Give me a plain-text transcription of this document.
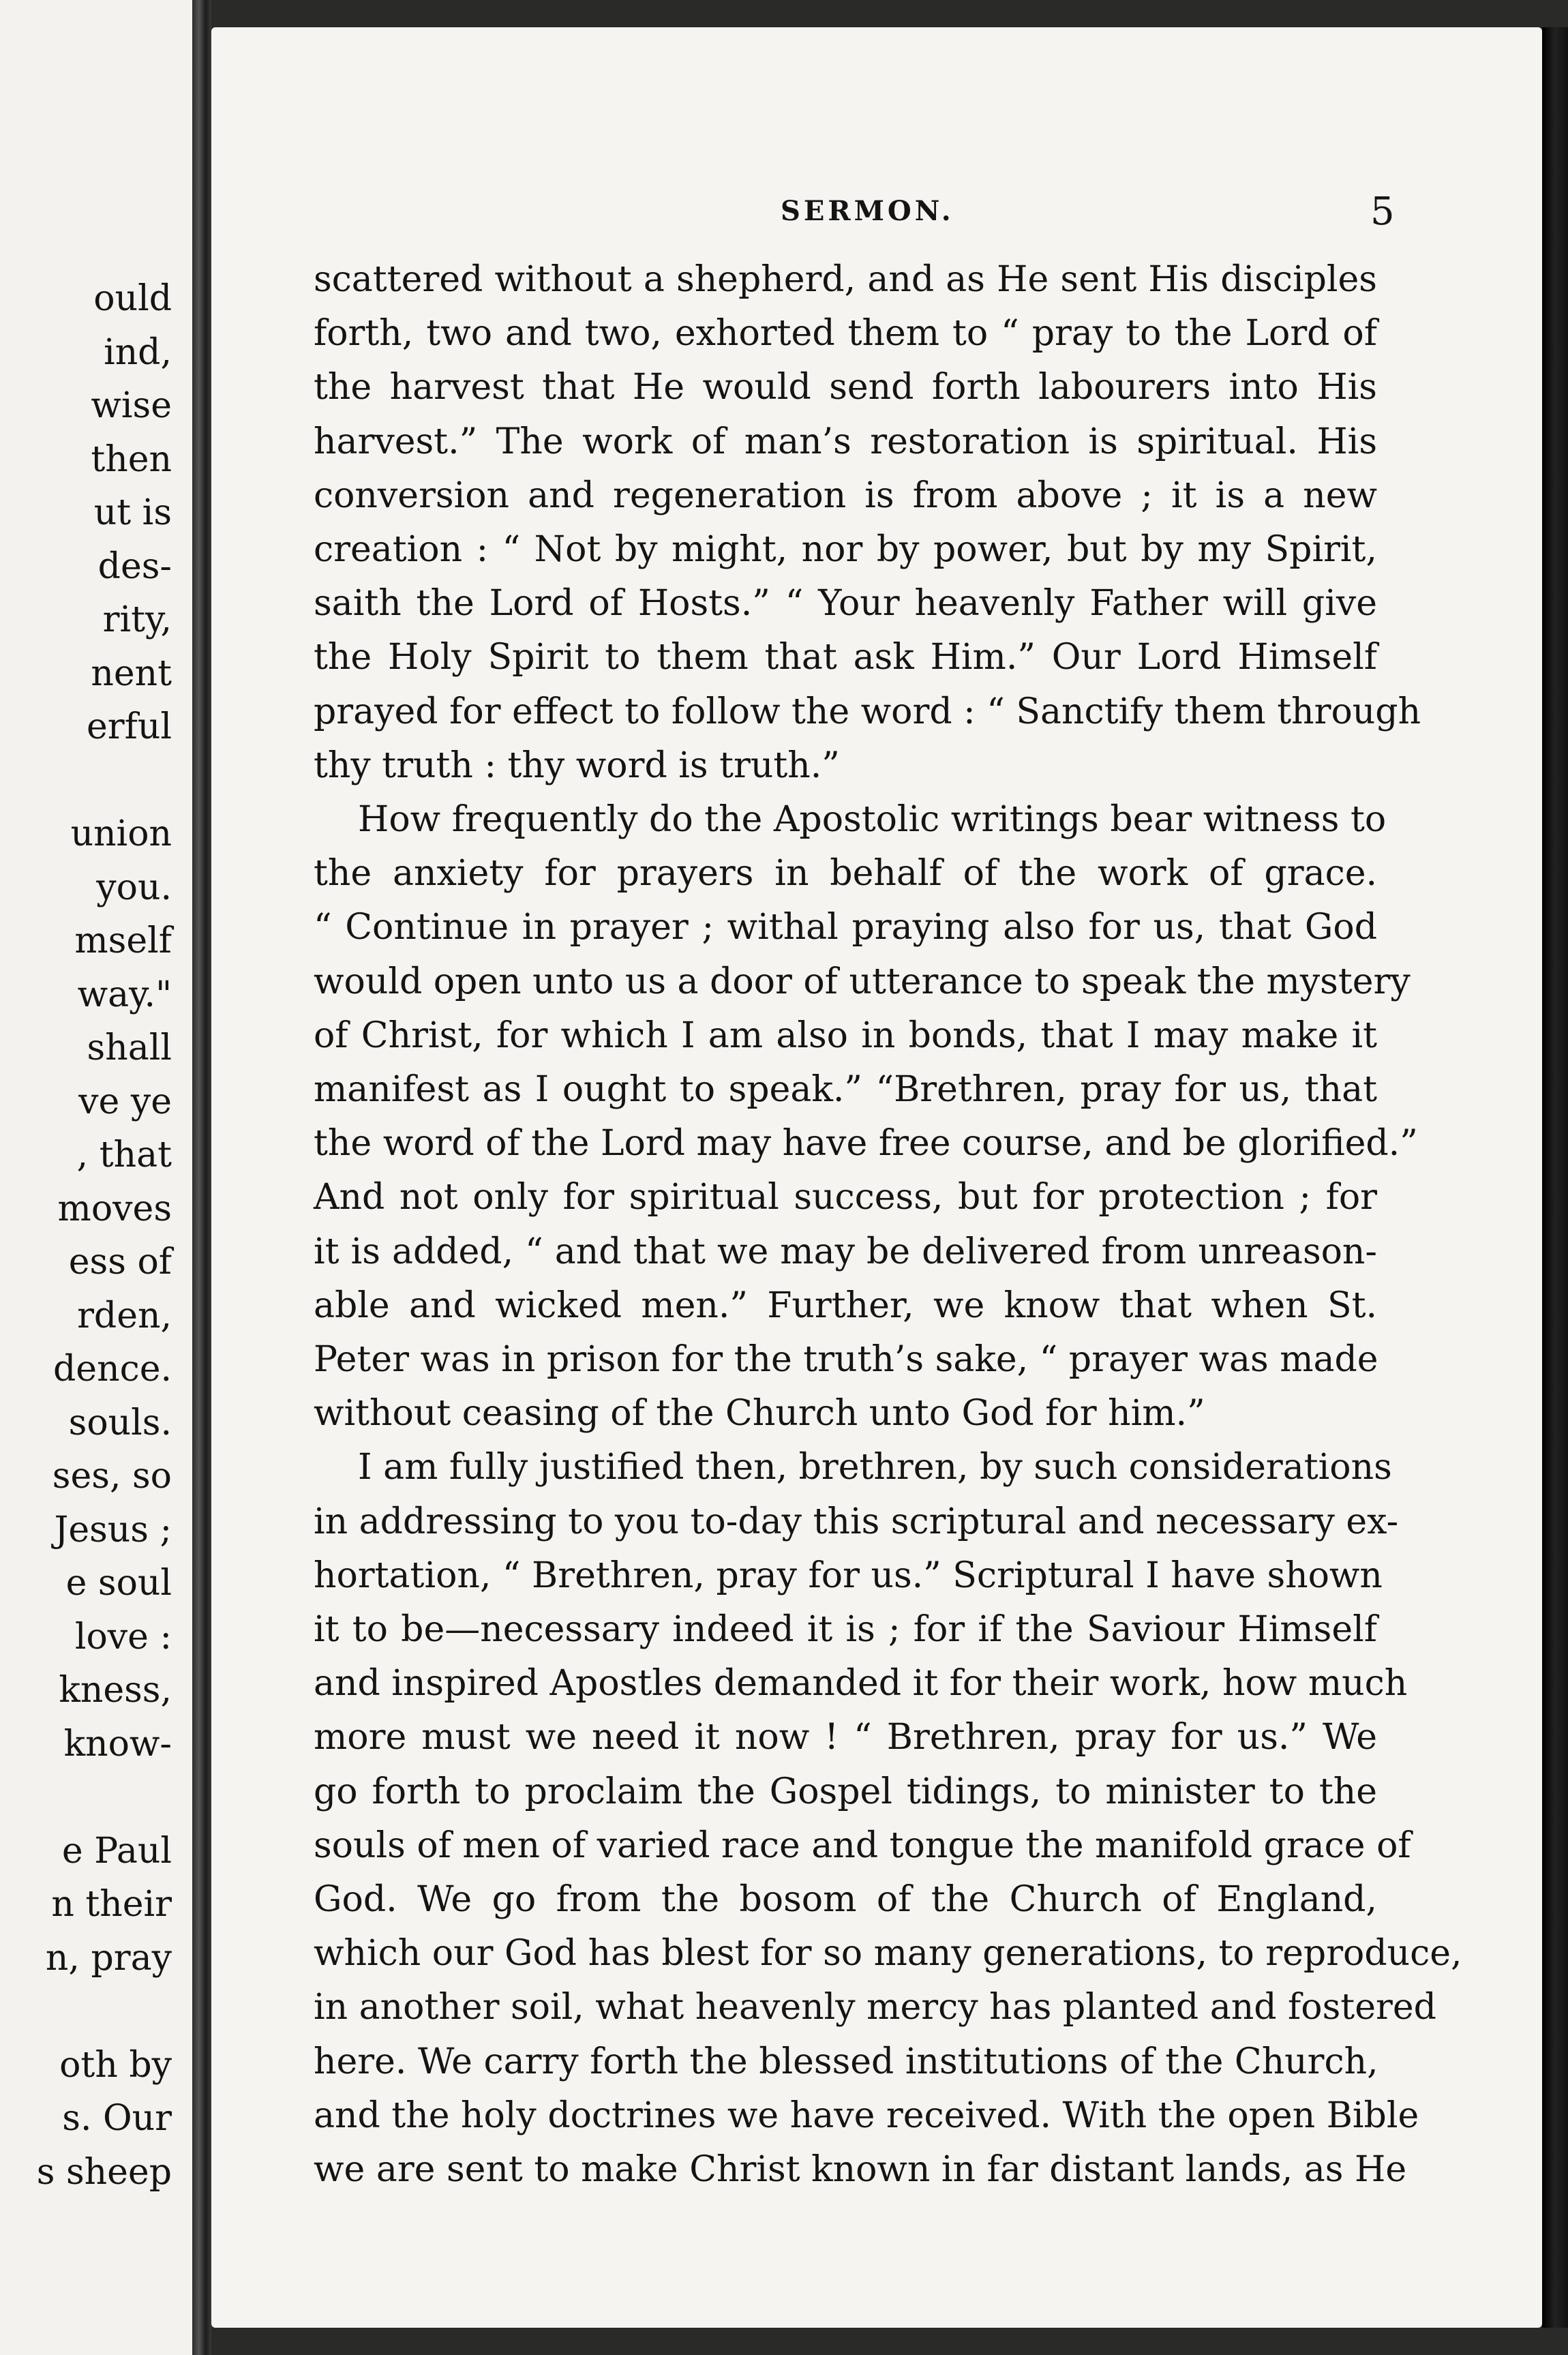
ould
ind,
wise
then
ut is
des-
rity,
nent
erful
union
you.
mself
way."
shall
ve ye
, that
moves
ess of
rden,
dence.
souls.
ses, so
Jesus ;
e soul
love :
kness,
know-
e Paul
n their
n, pray
oth by
s. Our
s sheep
SERMON.	5
scattered without a shepherd, and as He sent His disciples
forth, two and two, exhorted them to “ pray to the Lord of
the harvest that He would send forth labourers into His
harvest.” The work of man’s restoration is spiritual. His
conversion and regeneration is from above ; it is a new
creation : “ Not by might, nor by power, but by my Spirit,
saith the Lord of Hosts.” “ Your heavenly Father will give
the Holy Spirit to them that ask Him.” Our Lord Himself
prayed for effect to follow the word : “ Sanctify them through
thy truth : thy word is truth.”
How frequently do the Apostolic writings bear witness to
the anxiety for prayers in behalf of the work of grace.
“ Continue in prayer ; withal praying also for us, that God
would open unto us a door of utterance to speak the mystery
of Christ, for which I am also in bonds, that I may make it
manifest as I ought to speak.” “Brethren, pray for us, that
the word of the Lord may have free course, and be glorified.”
And not only for spiritual success, but for protection ; for
it is added, “ and that we may be delivered from unreason-
able and wicked men.” Further, we know that when St.
Peter was in prison for the truth’s sake, “ prayer was made
without ceasing of the Church unto God for him.”
I am fully justified then, brethren, by such considerations
in addressing to you to-day this scriptural and necessary ex-
hortation, “ Brethren, pray for us.” Scriptural I have shown
it to be—necessary indeed it is ; for if the Saviour Himself
and inspired Apostles demanded it for their work, how much
more must we need it now ! “ Brethren, pray for us.” We
go forth to proclaim the Gospel tidings, to minister to the
souls of men of varied race and tongue the manifold grace of
God. We go from the bosom of the Church of England,
which our God has blest for so many generations, to reproduce,
in another soil, what heavenly mercy has planted and fostered
here. We carry forth the blessed institutions of the Church,
and the holy doctrines we have received. With the open Bible
we are sent to make Christ known in far distant lands, as He
